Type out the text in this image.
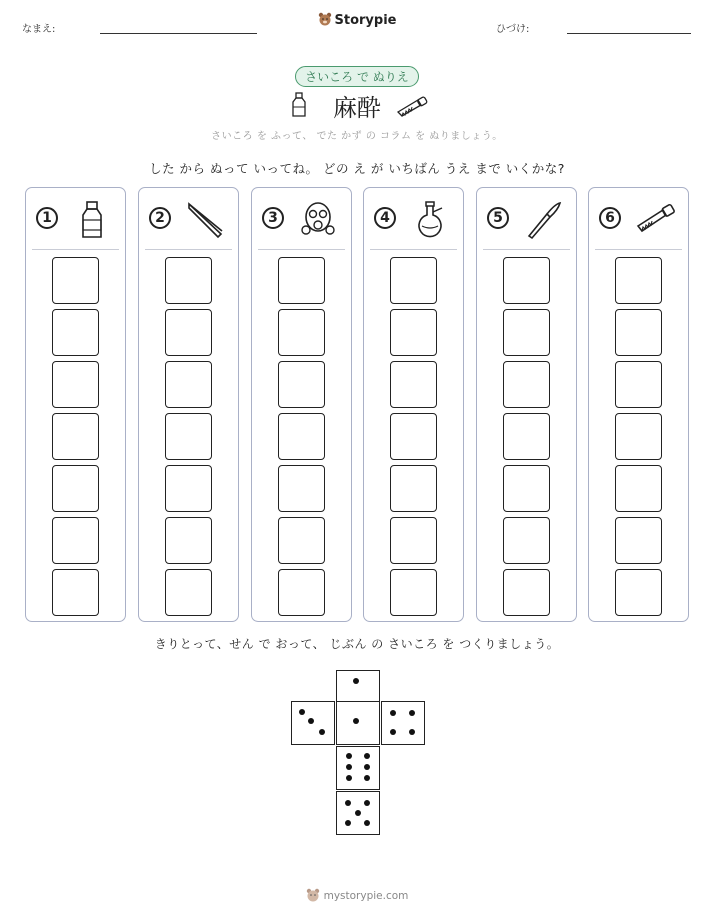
なまえ:
Storypie
ひづけ:
さいころ で ぬりえ
麻酔
さいころ を ふって、 でた かず の コラム を ぬりましょう。
した から ぬって いってね。 どの え が いちばん うえ まで いくかな?
1	2	3	4	5	6
きりとって、せん で おって、 じぶん の さいころ を つくりましょう。
mystorypie.com
